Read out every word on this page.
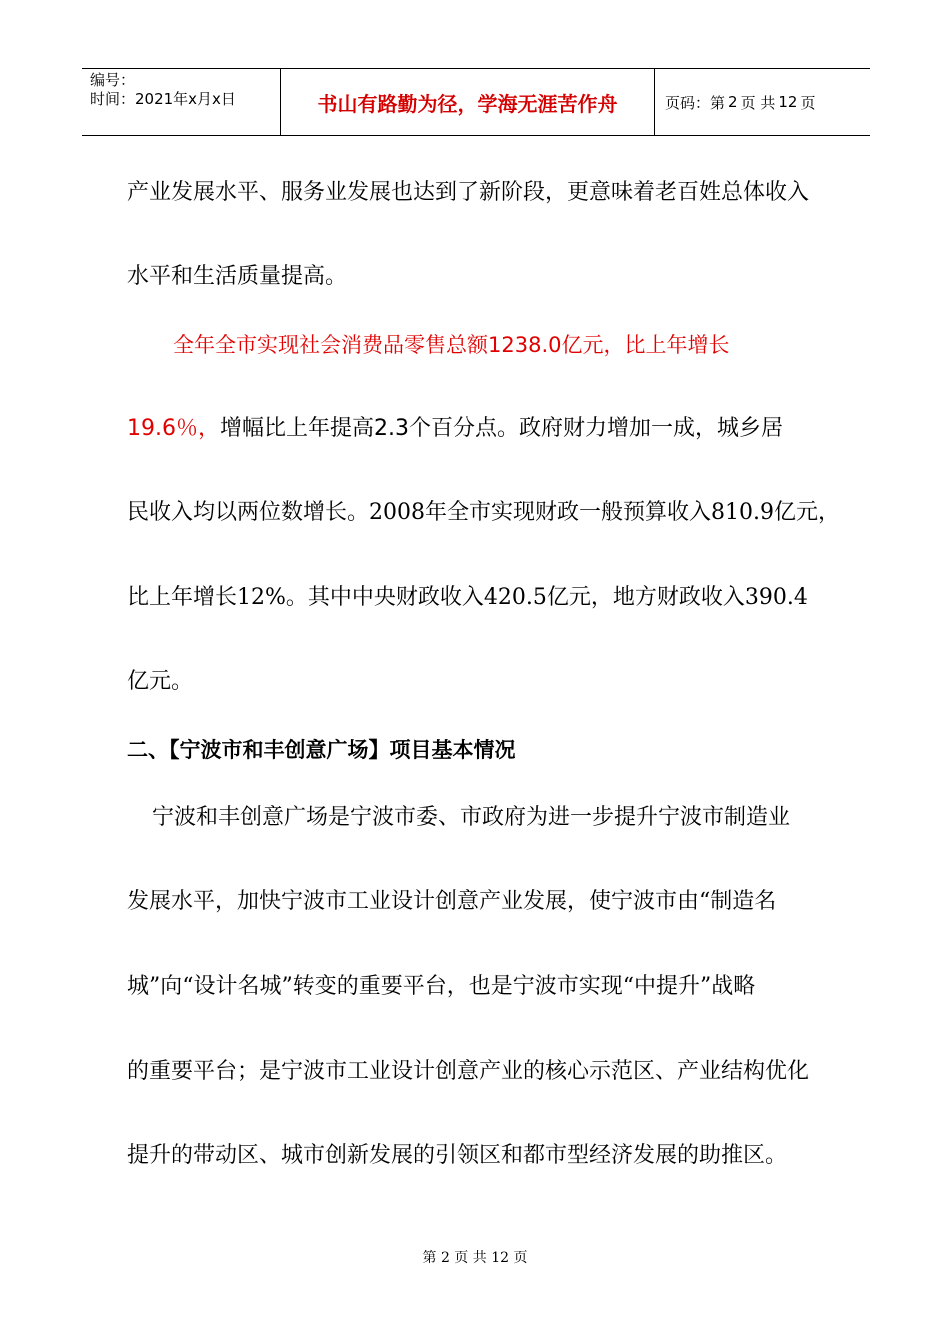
编号：
时间：2021年x月x日	书山有路勤为径，学海无涯苦作舟	页码：第 2 页 共 12 页

产业发展水平、服务业发展也达到了新阶段，更意味着老百姓总体收入

水平和生活质量提高。

全年全市实现社会消费品零售总额1238.0亿元，比上年增长

19.6％，增幅比上年提高2.3个百分点。政府财力增加一成，城乡居

民收入均以两位数增长。2008年全市实现财政一般预算收入810.9亿元，

比上年增长12%。其中中央财政收入420.5亿元，地方财政收入390.4

亿元。

二、【宁波市和丰创意广场】项目基本情况

宁波和丰创意广场是宁波市委、市政府为进一步提升宁波市制造业

发展水平，加快宁波市工业设计创意产业发展，使宁波市由“制造名

城”向“设计名城”转变的重要平台，也是宁波市实现“中提升”战略

的重要平台；是宁波市工业设计创意产业的核心示范区、产业结构优化

提升的带动区、城市创新发展的引领区和都市型经济发展的助推区。

第 2 页 共 12 页
